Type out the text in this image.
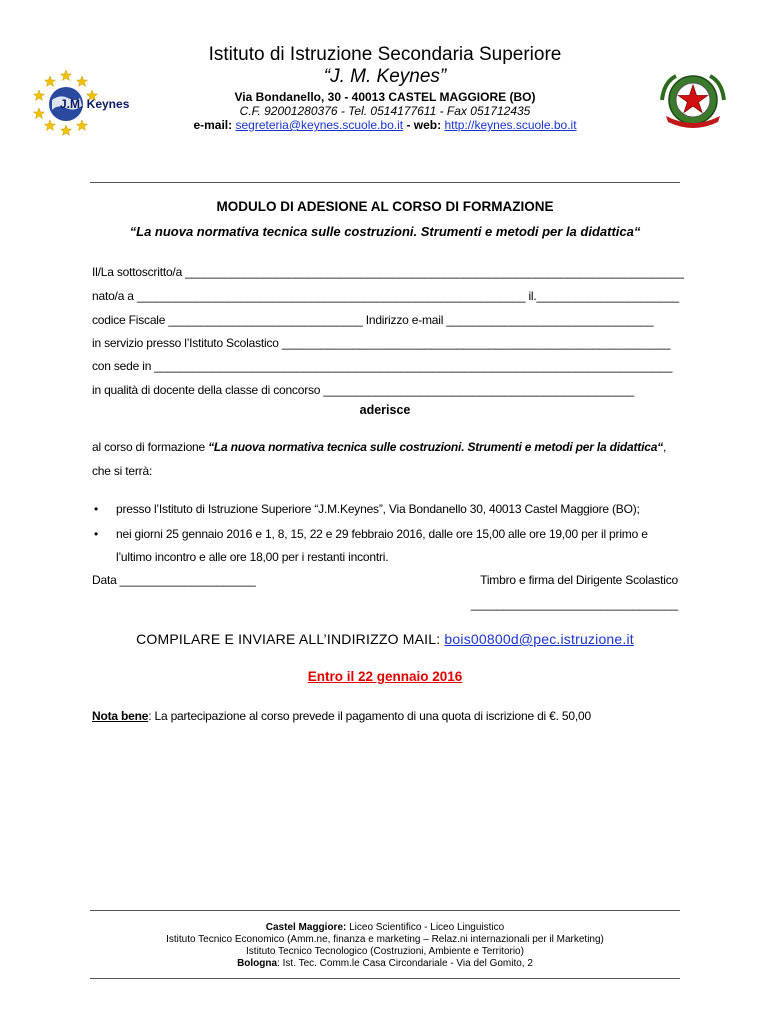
J.M. Keynes
Istituto di Istruzione Secondaria Superiore
“J. M. Keynes”
Via Bondanello, 30 - 40013 CASTEL MAGGIORE (BO)
C.F. 92001280376 - Tel. 0514177611 - Fax 051712435
e-mail: segreteria@keynes.scuole.bo.it - web: http://keynes.scuole.bo.it
MODULO DI ADESIONE AL CORSO DI FORMAZIONE
“La nuova normativa tecnica sulle costruzioni. Strumenti e metodi per la didattica“
Il/La sottoscritto/a _____________________________________________________________________________
nato/a a ____________________________________________________________ il.______________________
codice Fiscale ______________________________ Indirizzo e-mail ________________________________
in servizio presso l’Istituto Scolastico ____________________________________________________________
con sede in ________________________________________________________________________________
in qualità di docente della classe di concorso ________________________________________________
aderisce
al corso di formazione “La nuova normativa tecnica sulle costruzioni. Strumenti e metodi per la didattica“,
che si terrà:
• presso l’Istituto di Istruzione Superiore “J.M.Keynes”, Via Bondanello 30, 40013 Castel Maggiore (BO);
• nei giorni 25 gennaio 2016 e 1, 8, 15, 22 e 29 febbraio 2016, dalle ore 15,00 alle ore 19,00 per il primo e
l’ultimo incontro e alle ore 18,00 per i restanti incontri.
Data _____________________	Timbro e firma del Dirigente Scolastico
________________________________
COMPILARE E INVIARE ALL’INDIRIZZO MAIL: bois00800d@pec.istruzione.it
Entro il 22 gennaio 2016
Nota bene: La partecipazione al corso prevede il pagamento di una quota di iscrizione di €. 50,00
Castel Maggiore: Liceo Scientifico - Liceo Linguistico
Istituto Tecnico Economico (Amm.ne, finanza e marketing – Relaz.ni internazionali per il Marketing)
Istituto Tecnico Tecnologico (Costruzioni, Ambiente e Territorio)
Bologna: Ist. Tec. Comm.le Casa Circondariale - Via del Gomito, 2
